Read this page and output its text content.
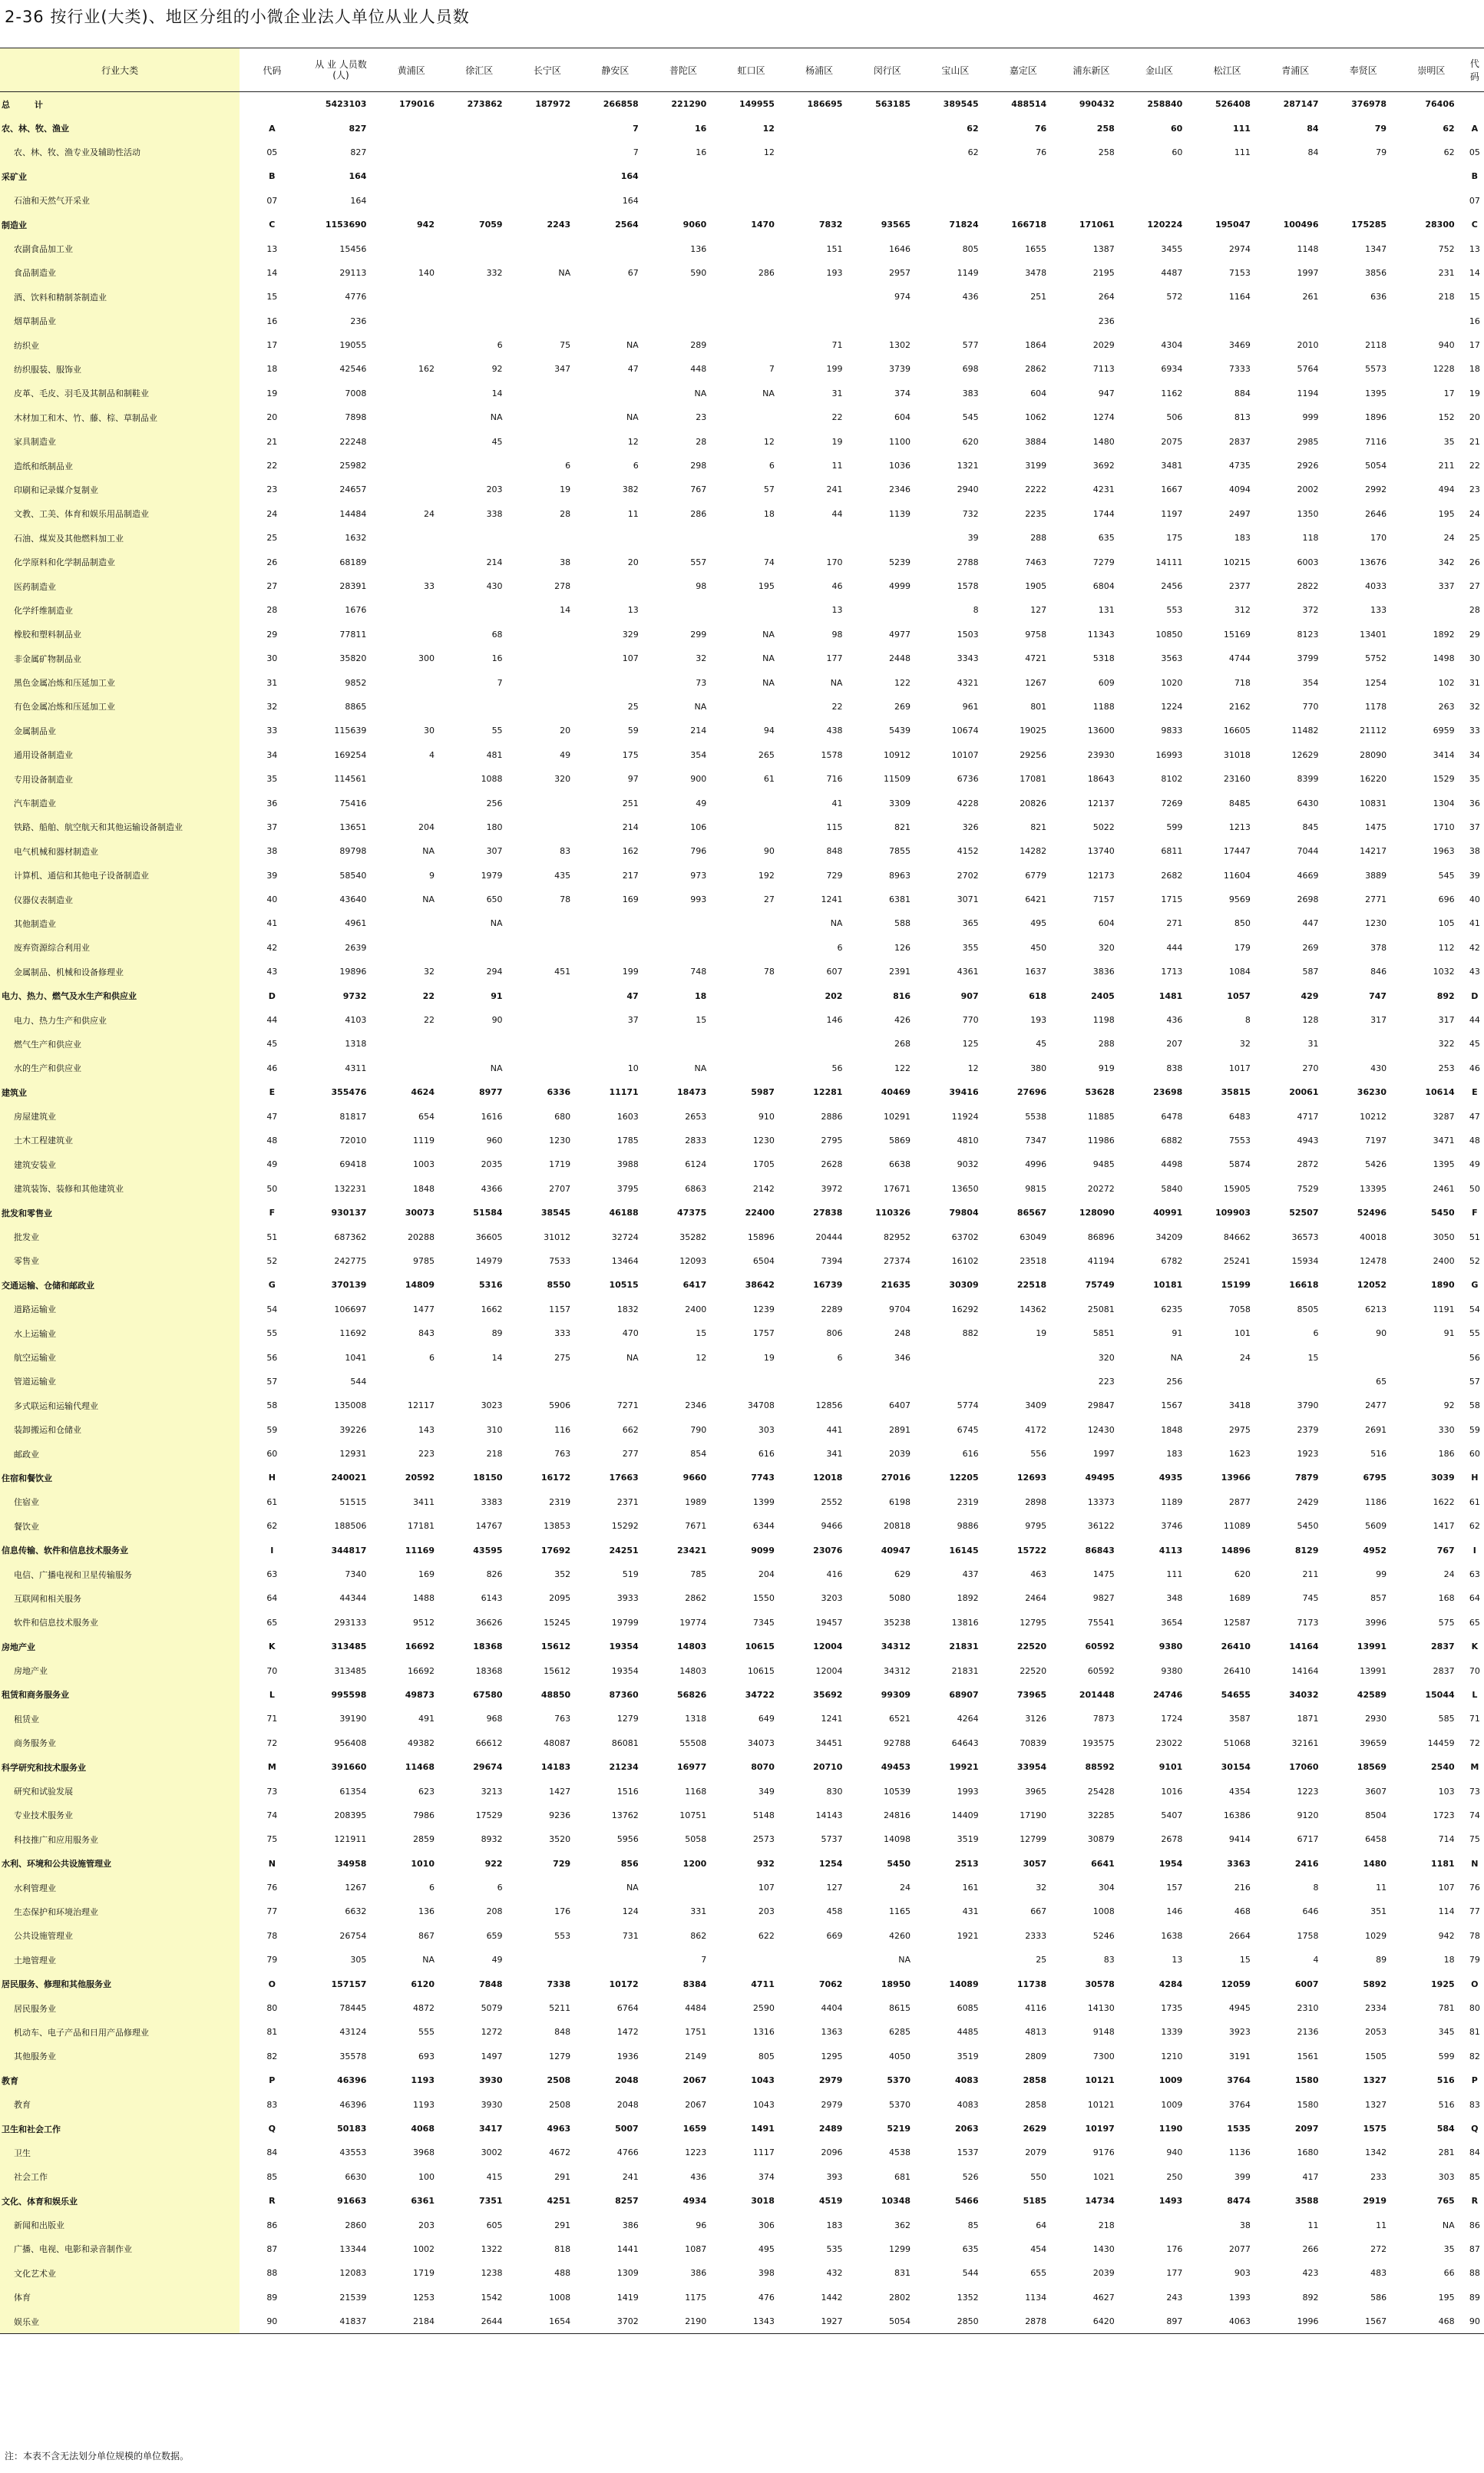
2-36 按行业(大类)、地区分组的小微企业法人单位从业人员数
行业大类	代码	从 业 人员数 (人)	黄浦区	徐汇区	长宁区	静安区	普陀区	虹口区	杨浦区	闵行区	宝山区	嘉定区	浦东新区	金山区	松江区	青浦区	奉贤区	崇明区	代码
总 计		5423103	179016	273862	187972	266858	221290	149955	186695	563185	389545	488514	990432	258840	526408	287147	376978	76406	
农、林、牧、渔业	A	827				7	16	12			62	76	258	60	111	84	79	62	A
农、林、牧、渔专业及辅助性活动	05	827				7	16	12			62	76	258	60	111	84	79	62	05
采矿业	B	164				164													B
石油和天然气开采业	07	164				164													07
制造业	C	1153690	942	7059	2243	2564	9060	1470	7832	93565	71824	166718	171061	120224	195047	100496	175285	28300	C
农副食品加工业	13	15456					136		151	1646	805	1655	1387	3455	2974	1148	1347	752	13
食品制造业	14	29113	140	332	NA	67	590	286	193	2957	1149	3478	2195	4487	7153	1997	3856	231	14
酒、饮料和精制茶制造业	15	4776								974	436	251	264	572	1164	261	636	218	15
烟草制品业	16	236											236						16
纺织业	17	19055		6	75	NA	289		71	1302	577	1864	2029	4304	3469	2010	2118	940	17
纺织服装、服饰业	18	42546	162	92	347	47	448	7	199	3739	698	2862	7113	6934	7333	5764	5573	1228	18
皮革、毛皮、羽毛及其制品和制鞋业	19	7008		14			NA	NA	31	374	383	604	947	1162	884	1194	1395	17	19
木材加工和木、竹、藤、棕、草制品业	20	7898		NA		NA	23		22	604	545	1062	1274	506	813	999	1896	152	20
家具制造业	21	22248		45		12	28	12	19	1100	620	3884	1480	2075	2837	2985	7116	35	21
造纸和纸制品业	22	25982			6	6	298	6	11	1036	1321	3199	3692	3481	4735	2926	5054	211	22
印刷和记录媒介复制业	23	24657		203	19	382	767	57	241	2346	2940	2222	4231	1667	4094	2002	2992	494	23
文教、工美、体育和娱乐用品制造业	24	14484	24	338	28	11	286	18	44	1139	732	2235	1744	1197	2497	1350	2646	195	24
石油、煤炭及其他燃料加工业	25	1632									39	288	635	175	183	118	170	24	25
化学原料和化学制品制造业	26	68189		214	38	20	557	74	170	5239	2788	7463	7279	14111	10215	6003	13676	342	26
医药制造业	27	28391	33	430	278		98	195	46	4999	1578	1905	6804	2456	2377	2822	4033	337	27
化学纤维制造业	28	1676			14	13			13		8	127	131	553	312	372	133		28
橡胶和塑料制品业	29	77811		68		329	299	NA	98	4977	1503	9758	11343	10850	15169	8123	13401	1892	29
非金属矿物制品业	30	35820	300	16		107	32	NA	177	2448	3343	4721	5318	3563	4744	3799	5752	1498	30
黑色金属冶炼和压延加工业	31	9852		7			73	NA	NA	122	4321	1267	609	1020	718	354	1254	102	31
有色金属冶炼和压延加工业	32	8865				25	NA		22	269	961	801	1188	1224	2162	770	1178	263	32
金属制品业	33	115639	30	55	20	59	214	94	438	5439	10674	19025	13600	9833	16605	11482	21112	6959	33
通用设备制造业	34	169254	4	481	49	175	354	265	1578	10912	10107	29256	23930	16993	31018	12629	28090	3414	34
专用设备制造业	35	114561		1088	320	97	900	61	716	11509	6736	17081	18643	8102	23160	8399	16220	1529	35
汽车制造业	36	75416		256		251	49		41	3309	4228	20826	12137	7269	8485	6430	10831	1304	36
铁路、船舶、航空航天和其他运输设备制造业	37	13651	204	180		214	106		115	821	326	821	5022	599	1213	845	1475	1710	37
电气机械和器材制造业	38	89798	NA	307	83	162	796	90	848	7855	4152	14282	13740	6811	17447	7044	14217	1963	38
计算机、通信和其他电子设备制造业	39	58540	9	1979	435	217	973	192	729	8963	2702	6779	12173	2682	11604	4669	3889	545	39
仪器仪表制造业	40	43640	NA	650	78	169	993	27	1241	6381	3071	6421	7157	1715	9569	2698	2771	696	40
其他制造业	41	4961		NA					NA	588	365	495	604	271	850	447	1230	105	41
废弃资源综合利用业	42	2639							6	126	355	450	320	444	179	269	378	112	42
金属制品、机械和设备修理业	43	19896	32	294	451	199	748	78	607	2391	4361	1637	3836	1713	1084	587	846	1032	43
电力、热力、燃气及水生产和供应业	D	9732	22	91		47	18		202	816	907	618	2405	1481	1057	429	747	892	D
电力、热力生产和供应业	44	4103	22	90		37	15		146	426	770	193	1198	436	8	128	317	317	44
燃气生产和供应业	45	1318								268	125	45	288	207	32	31		322	45
水的生产和供应业	46	4311		NA		10	NA		56	122	12	380	919	838	1017	270	430	253	46
建筑业	E	355476	4624	8977	6336	11171	18473	5987	12281	40469	39416	27696	53628	23698	35815	20061	36230	10614	E
房屋建筑业	47	81817	654	1616	680	1603	2653	910	2886	10291	11924	5538	11885	6478	6483	4717	10212	3287	47
土木工程建筑业	48	72010	1119	960	1230	1785	2833	1230	2795	5869	4810	7347	11986	6882	7553	4943	7197	3471	48
建筑安装业	49	69418	1003	2035	1719	3988	6124	1705	2628	6638	9032	4996	9485	4498	5874	2872	5426	1395	49
建筑装饰、装修和其他建筑业	50	132231	1848	4366	2707	3795	6863	2142	3972	17671	13650	9815	20272	5840	15905	7529	13395	2461	50
批发和零售业	F	930137	30073	51584	38545	46188	47375	22400	27838	110326	79804	86567	128090	40991	109903	52507	52496	5450	F
批发业	51	687362	20288	36605	31012	32724	35282	15896	20444	82952	63702	63049	86896	34209	84662	36573	40018	3050	51
零售业	52	242775	9785	14979	7533	13464	12093	6504	7394	27374	16102	23518	41194	6782	25241	15934	12478	2400	52
交通运输、仓储和邮政业	G	370139	14809	5316	8550	10515	6417	38642	16739	21635	30309	22518	75749	10181	15199	16618	12052	1890	G
道路运输业	54	106697	1477	1662	1157	1832	2400	1239	2289	9704	16292	14362	25081	6235	7058	8505	6213	1191	54
水上运输业	55	11692	843	89	333	470	15	1757	806	248	882	19	5851	91	101	6	90	91	55
航空运输业	56	1041	6	14	275	NA	12	19	6	346			320	NA	24	15			56
管道运输业	57	544											223	256			65		57
多式联运和运输代理业	58	135008	12117	3023	5906	7271	2346	34708	12856	6407	5774	3409	29847	1567	3418	3790	2477	92	58
装卸搬运和仓储业	59	39226	143	310	116	662	790	303	441	2891	6745	4172	12430	1848	2975	2379	2691	330	59
邮政业	60	12931	223	218	763	277	854	616	341	2039	616	556	1997	183	1623	1923	516	186	60
住宿和餐饮业	H	240021	20592	18150	16172	17663	9660	7743	12018	27016	12205	12693	49495	4935	13966	7879	6795	3039	H
住宿业	61	51515	3411	3383	2319	2371	1989	1399	2552	6198	2319	2898	13373	1189	2877	2429	1186	1622	61
餐饮业	62	188506	17181	14767	13853	15292	7671	6344	9466	20818	9886	9795	36122	3746	11089	5450	5609	1417	62
信息传输、软件和信息技术服务业	I	344817	11169	43595	17692	24251	23421	9099	23076	40947	16145	15722	86843	4113	14896	8129	4952	767	I
电信、广播电视和卫星传输服务	63	7340	169	826	352	519	785	204	416	629	437	463	1475	111	620	211	99	24	63
互联网和相关服务	64	44344	1488	6143	2095	3933	2862	1550	3203	5080	1892	2464	9827	348	1689	745	857	168	64
软件和信息技术服务业	65	293133	9512	36626	15245	19799	19774	7345	19457	35238	13816	12795	75541	3654	12587	7173	3996	575	65
房地产业	K	313485	16692	18368	15612	19354	14803	10615	12004	34312	21831	22520	60592	9380	26410	14164	13991	2837	K
房地产业	70	313485	16692	18368	15612	19354	14803	10615	12004	34312	21831	22520	60592	9380	26410	14164	13991	2837	70
租赁和商务服务业	L	995598	49873	67580	48850	87360	56826	34722	35692	99309	68907	73965	201448	24746	54655	34032	42589	15044	L
租赁业	71	39190	491	968	763	1279	1318	649	1241	6521	4264	3126	7873	1724	3587	1871	2930	585	71
商务服务业	72	956408	49382	66612	48087	86081	55508	34073	34451	92788	64643	70839	193575	23022	51068	32161	39659	14459	72
科学研究和技术服务业	M	391660	11468	29674	14183	21234	16977	8070	20710	49453	19921	33954	88592	9101	30154	17060	18569	2540	M
研究和试验发展	73	61354	623	3213	1427	1516	1168	349	830	10539	1993	3965	25428	1016	4354	1223	3607	103	73
专业技术服务业	74	208395	7986	17529	9236	13762	10751	5148	14143	24816	14409	17190	32285	5407	16386	9120	8504	1723	74
科技推广和应用服务业	75	121911	2859	8932	3520	5956	5058	2573	5737	14098	3519	12799	30879	2678	9414	6717	6458	714	75
水利、环境和公共设施管理业	N	34958	1010	922	729	856	1200	932	1254	5450	2513	3057	6641	1954	3363	2416	1480	1181	N
水利管理业	76	1267	6	6		NA		107	127	24	161	32	304	157	216	8	11	107	76
生态保护和环境治理业	77	6632	136	208	176	124	331	203	458	1165	431	667	1008	146	468	646	351	114	77
公共设施管理业	78	26754	867	659	553	731	862	622	669	4260	1921	2333	5246	1638	2664	1758	1029	942	78
土地管理业	79	305	NA	49			7			NA		25	83	13	15	4	89	18	79
居民服务、修理和其他服务业	O	157157	6120	7848	7338	10172	8384	4711	7062	18950	14089	11738	30578	4284	12059	6007	5892	1925	O
居民服务业	80	78445	4872	5079	5211	6764	4484	2590	4404	8615	6085	4116	14130	1735	4945	2310	2334	781	80
机动车、电子产品和日用产品修理业	81	43124	555	1272	848	1472	1751	1316	1363	6285	4485	4813	9148	1339	3923	2136	2053	345	81
其他服务业	82	35578	693	1497	1279	1936	2149	805	1295	4050	3519	2809	7300	1210	3191	1561	1505	599	82
教育	P	46396	1193	3930	2508	2048	2067	1043	2979	5370	4083	2858	10121	1009	3764	1580	1327	516	P
教育	83	46396	1193	3930	2508	2048	2067	1043	2979	5370	4083	2858	10121	1009	3764	1580	1327	516	83
卫生和社会工作	Q	50183	4068	3417	4963	5007	1659	1491	2489	5219	2063	2629	10197	1190	1535	2097	1575	584	Q
卫生	84	43553	3968	3002	4672	4766	1223	1117	2096	4538	1537	2079	9176	940	1136	1680	1342	281	84
社会工作	85	6630	100	415	291	241	436	374	393	681	526	550	1021	250	399	417	233	303	85
文化、体育和娱乐业	R	91663	6361	7351	4251	8257	4934	3018	4519	10348	5466	5185	14734	1493	8474	3588	2919	765	R
新闻和出版业	86	2860	203	605	291	386	96	306	183	362	85	64	218		38	11	11	NA	86
广播、电视、电影和录音制作业	87	13344	1002	1322	818	1441	1087	495	535	1299	635	454	1430	176	2077	266	272	35	87
文化艺术业	88	12083	1719	1238	488	1309	386	398	432	831	544	655	2039	177	903	423	483	66	88
体育	89	21539	1253	1542	1008	1419	1175	476	1442	2802	1352	1134	4627	243	1393	892	586	195	89
娱乐业	90	41837	2184	2644	1654	3702	2190	1343	1927	5054	2850	2878	6420	897	4063	1996	1567	468	90
注：本表不含无法划分单位规模的单位数据。
